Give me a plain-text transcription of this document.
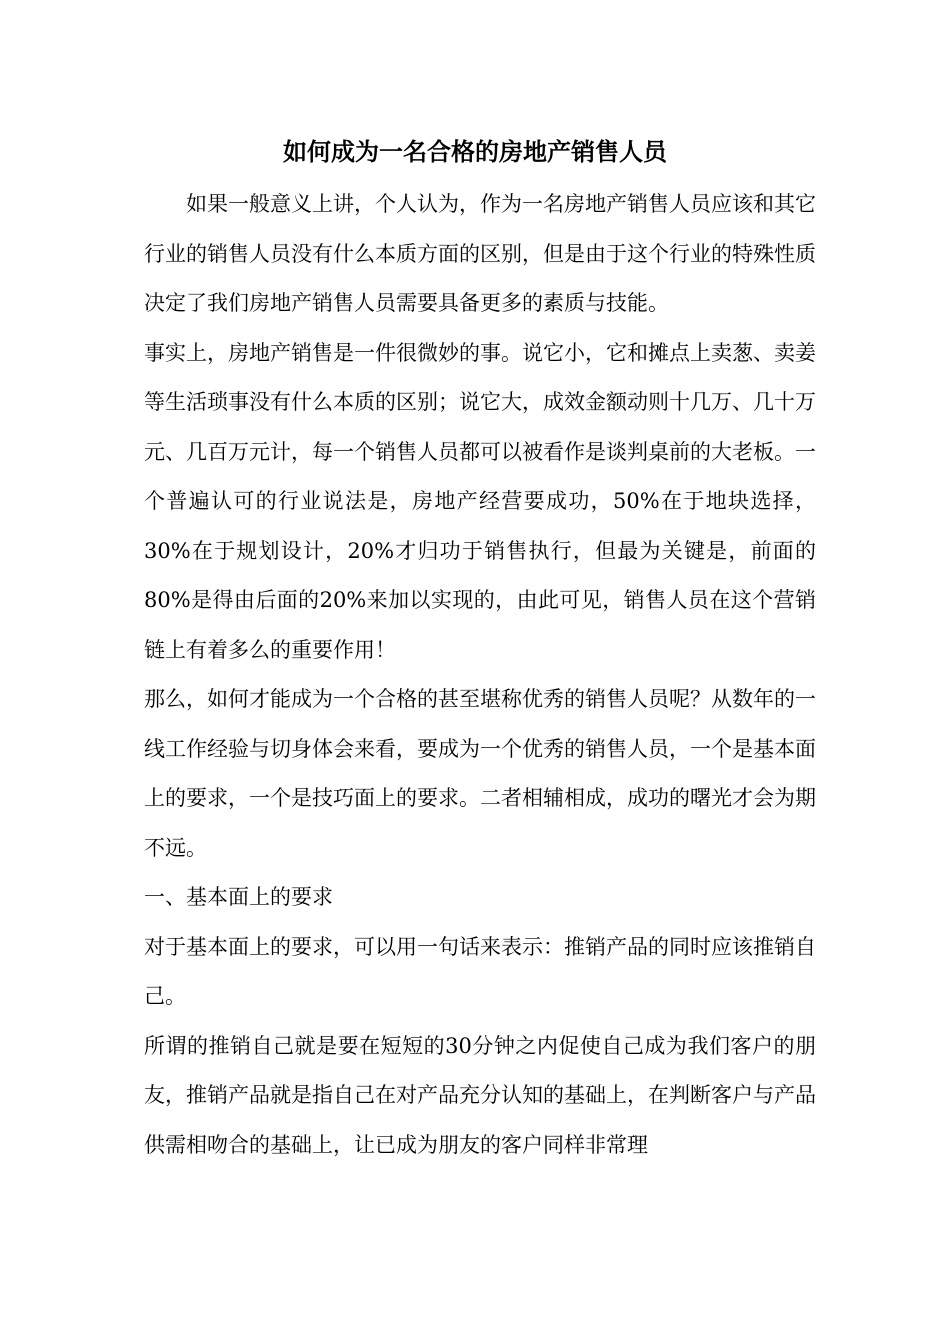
如何成为一名合格的房地产销售人员

如果一般意义上讲，个人认为，作为一名房地产销售人员应该和其它行业的销售人员没有什么本质方面的区别，但是由于这个行业的特殊性质决定了我们房地产销售人员需要具备更多的素质与技能。

事实上，房地产销售是一件很微妙的事。说它小，它和摊点上卖葱、卖姜等生活琐事没有什么本质的区别；说它大，成效金额动则十几万、几十万元、几百万元计，每一个销售人员都可以被看作是谈判桌前的大老板。一个普遍认可的行业说法是，房地产经营要成功，50%在于地块选择，30%在于规划设计，20%才归功于销售执行，但最为关键是，前面的80%是得由后面的20%来加以实现的，由此可见，销售人员在这个营销链上有着多么的重要作用！

那么，如何才能成为一个合格的甚至堪称优秀的销售人员呢？从数年的一线工作经验与切身体会来看，要成为一个优秀的销售人员，一个是基本面上的要求，一个是技巧面上的要求。二者相辅相成，成功的曙光才会为期不远。

一、基本面上的要求

对于基本面上的要求，可以用一句话来表示：推销产品的同时应该推销自己。

所谓的推销自己就是要在短短的30分钟之内促使自己成为我们客户的朋友，推销产品就是指自己在对产品充分认知的基础上，在判断客户与产品供需相吻合的基础上，让已成为朋友的客户同样非常理
